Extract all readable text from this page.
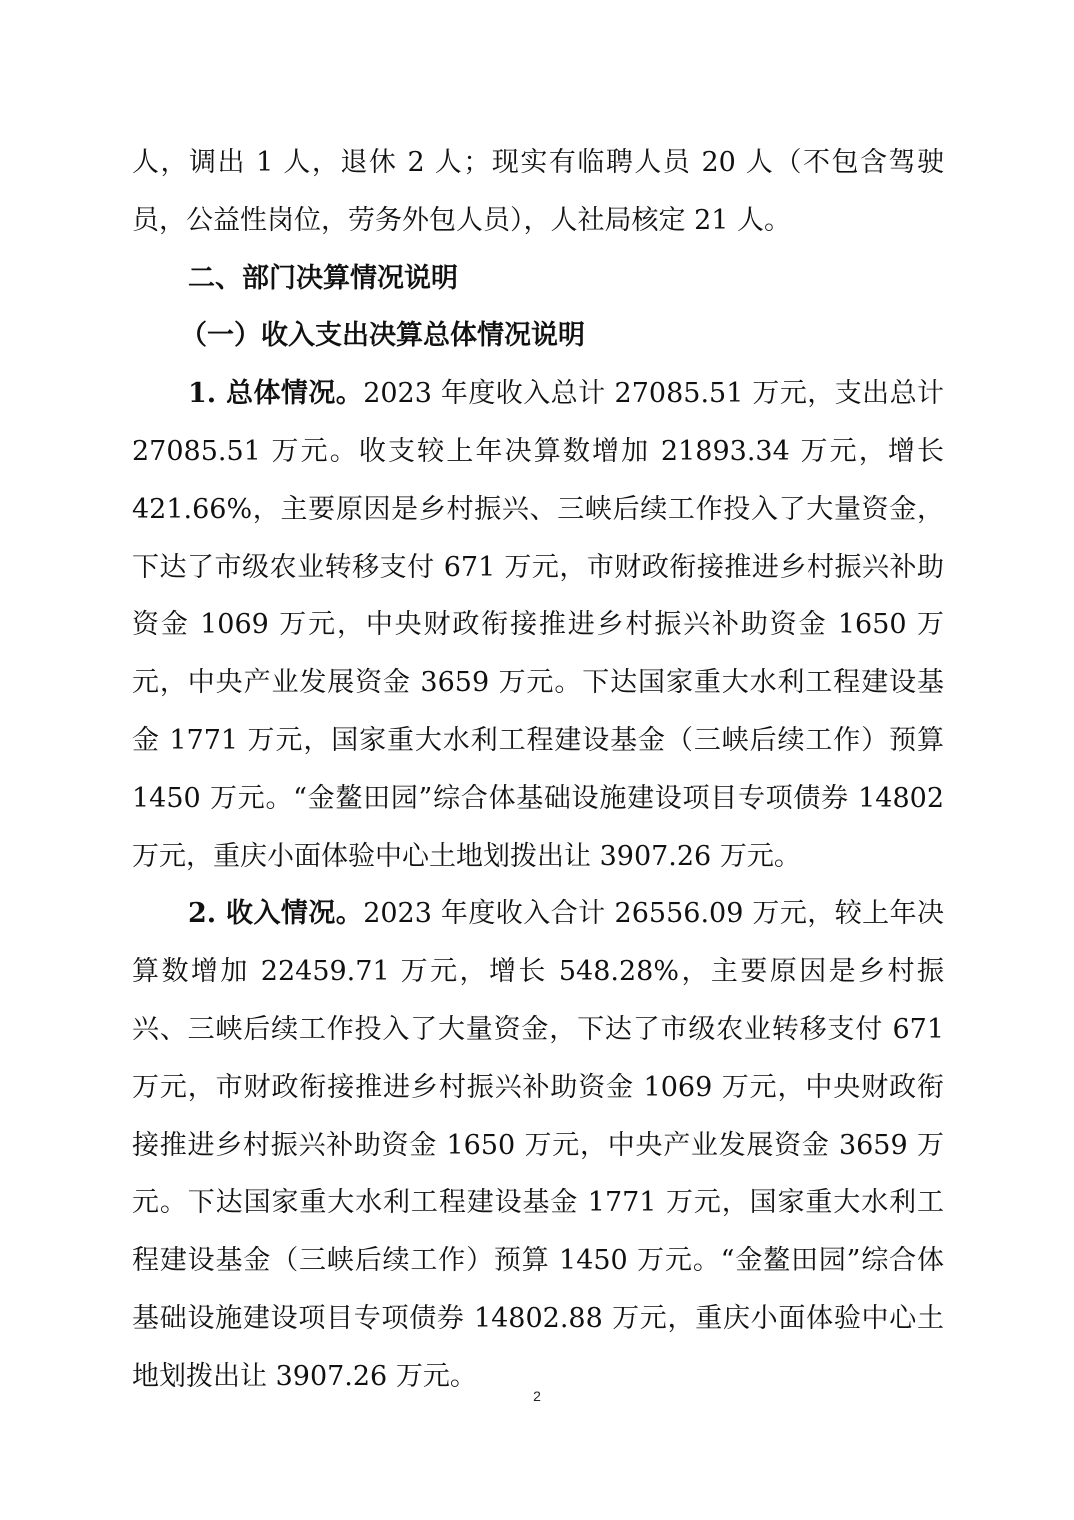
人，调出 1 人，退休 2 人；现实有临聘人员 20 人（不包含驾驶员，公益性岗位，劳务外包人员），人社局核定 21 人。

二、部门决算情况说明

（一）收入支出决算总体情况说明

1. 总体情况。2023 年度收入总计 27085.51 万元，支出总计 27085.51 万元。收支较上年决算数增加 21893.34 万元，增长 421.66%，主要原因是乡村振兴、三峡后续工作投入了大量资金，下达了市级农业转移支付 671 万元，市财政衔接推进乡村振兴补助资金 1069 万元，中央财政衔接推进乡村振兴补助资金 1650 万元，中央产业发展资金 3659 万元。下达国家重大水利工程建设基金 1771 万元，国家重大水利工程建设基金（三峡后续工作）预算 1450 万元。“金鳌田园”综合体基础设施建设项目专项债券 14802 万元，重庆小面体验中心土地划拨出让 3907.26 万元。

2. 收入情况。2023 年度收入合计 26556.09 万元，较上年决算数增加 22459.71 万元，增长 548.28%，主要原因是乡村振兴、三峡后续工作投入了大量资金，下达了市级农业转移支付 671 万元，市财政衔接推进乡村振兴补助资金 1069 万元，中央财政衔接推进乡村振兴补助资金 1650 万元，中央产业发展资金 3659 万元。下达国家重大水利工程建设基金 1771 万元，国家重大水利工程建设基金（三峡后续工作）预算 1450 万元。“金鳌田园”综合体基础设施建设项目专项债券 14802.88 万元，重庆小面体验中心土地划拨出让 3907.26 万元。

2
